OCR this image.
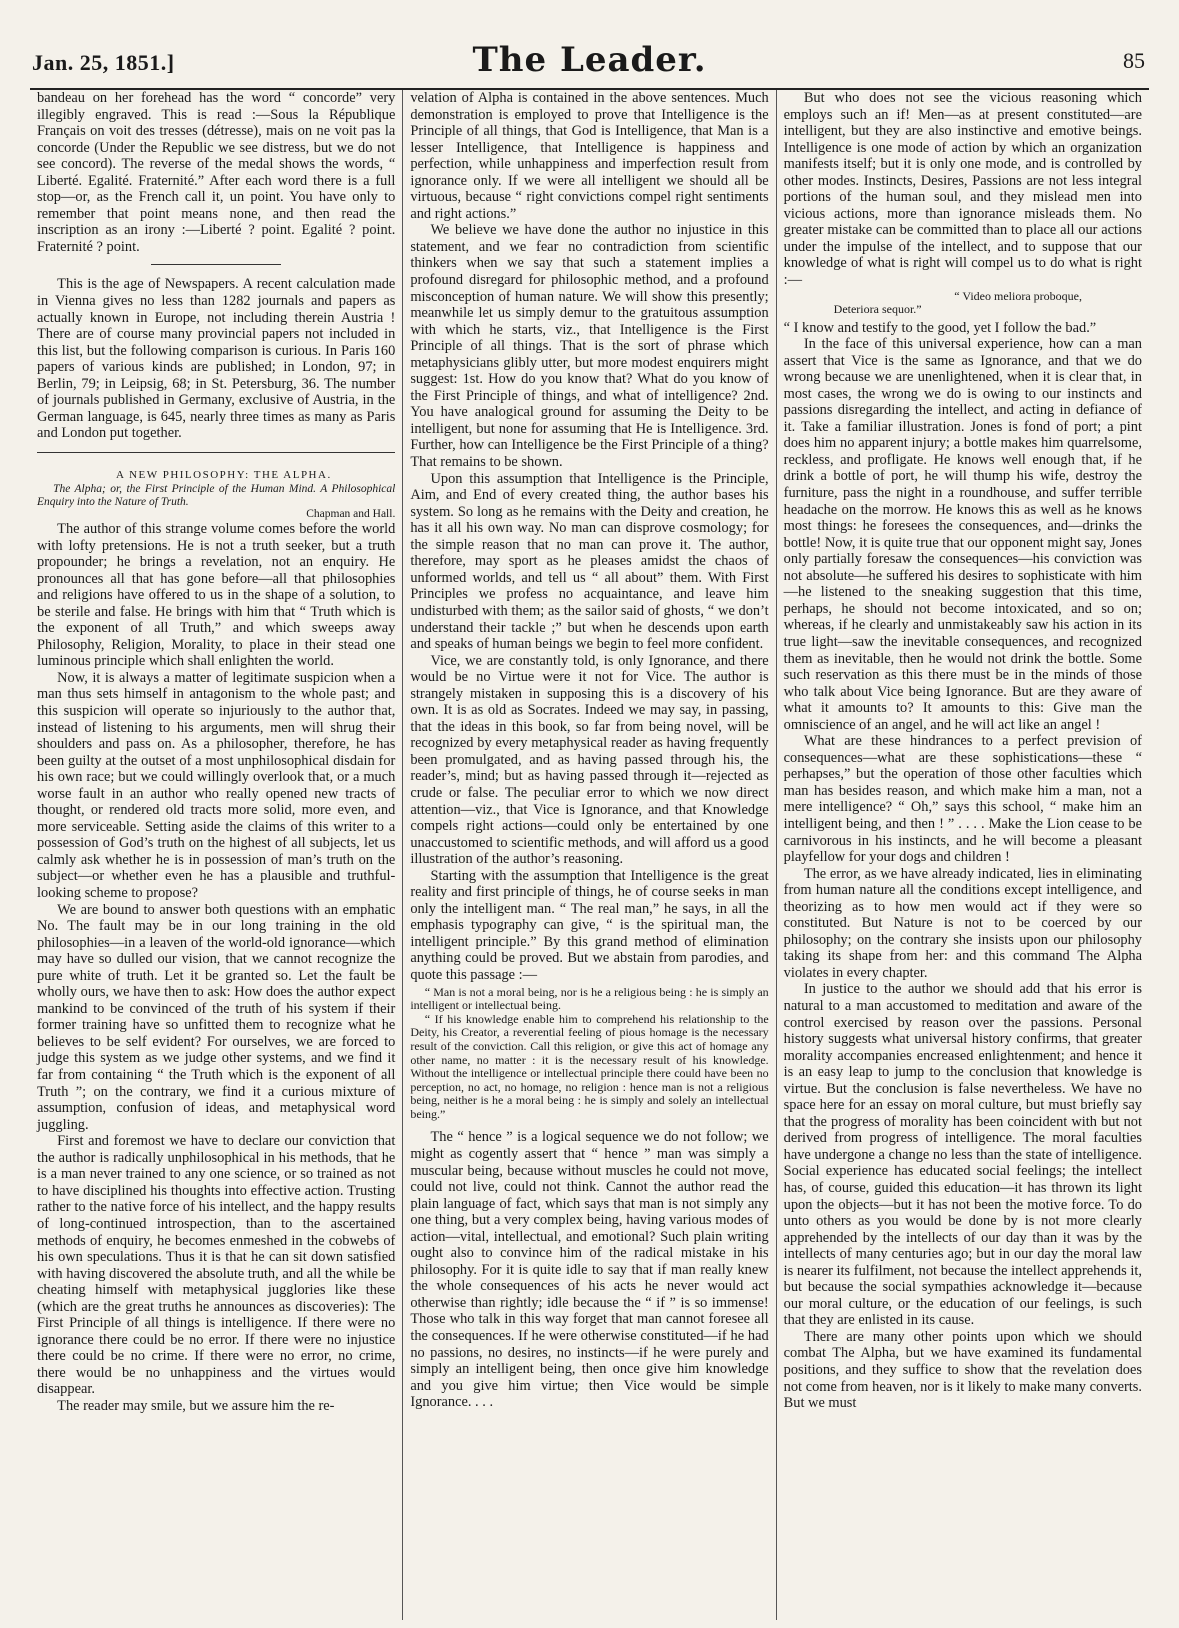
Jan. 25, 1851.]	The Leader.	85

bandeau on her forehead has the word “ concorde” very illegibly engraved. This is read :—Sous la République Français on voit des tresses (détresse), mais on ne voit pas la concorde (Under the Republic we see distress, but we do not see concord). The reverse of the medal shows the words, “ Liberté. Egalité. Fraternité.” After each word there is a full stop—or, as the French call it, un point. You have only to remember that point means none, and then read the inscription as an irony :—Liberté ? point. Egalité ? point. Fraternité ? point.

This is the age of Newspapers. A recent calculation made in Vienna gives no less than 1282 journals and papers as actually known in Europe, not including therein Austria ! There are of course many provincial papers not included in this list, but the following comparison is curious. In Paris 160 papers of various kinds are published; in London, 97; in Berlin, 79; in Leipsig, 68; in St. Petersburg, 36. The number of journals published in Germany, exclusive of Austria, in the German language, is 645, nearly three times as many as Paris and London put together.

A NEW PHILOSOPHY: THE ALPHA.

The Alpha; or, the First Principle of the Human Mind. A Philosophical Enquiry into the Nature of Truth.
Chapman and Hall.

The author of this strange volume comes before the world with lofty pretensions. He is not a truth seeker, but a truth propounder; he brings a revelation, not an enquiry. He pronounces all that has gone before—all that philosophies and religions have offered to us in the shape of a solution, to be sterile and false. He brings with him that “ Truth which is the exponent of all Truth,” and which sweeps away Philosophy, Religion, Morality, to place in their stead one luminous principle which shall enlighten the world.

Now, it is always a matter of legitimate suspicion when a man thus sets himself in antagonism to the whole past; and this suspicion will operate so injuriously to the author that, instead of listening to his arguments, men will shrug their shoulders and pass on. As a philosopher, therefore, he has been guilty at the outset of a most unphilosophical disdain for his own race; but we could willingly overlook that, or a much worse fault in an author who really opened new tracts of thought, or rendered old tracts more solid, more even, and more serviceable. Setting aside the claims of this writer to a possession of God’s truth on the highest of all subjects, let us calmly ask whether he is in possession of man’s truth on the subject—or whether even he has a plausible and truthful-looking scheme to propose?

We are bound to answer both questions with an emphatic No. The fault may be in our long training in the old philosophies—in a leaven of the world-old ignorance—which may have so dulled our vision, that we cannot recognize the pure white of truth. Let it be granted so. Let the fault be wholly ours, we have then to ask: How does the author expect mankind to be convinced of the truth of his system if their former training have so unfitted them to recognize what he believes to be self evident? For ourselves, we are forced to judge this system as we judge other systems, and we find it far from containing “ the Truth which is the exponent of all Truth ”; on the contrary, we find it a curious mixture of assumption, confusion of ideas, and metaphysical word juggling.

First and foremost we have to declare our conviction that the author is radically unphilosophical in his methods, that he is a man never trained to any one science, or so trained as not to have disciplined his thoughts into effective action. Trusting rather to the native force of his intellect, and the happy results of long-continued introspection, than to the ascertained methods of enquiry, he becomes enmeshed in the cobwebs of his own speculations. Thus it is that he can sit down satisfied with having discovered the absolute truth, and all the while be cheating himself with metaphysical jugglories like these (which are the great truths he announces as discoveries): The First Principle of all things is intelligence. If there were no ignorance there could be no error. If there were no injustice there could be no crime. If there were no error, no crime, there would be no unhappiness and the virtues would disappear.

The reader may smile, but we assure him the re-

velation of Alpha is contained in the above sentences. Much demonstration is employed to prove that Intelligence is the Principle of all things, that God is Intelligence, that Man is a lesser Intelligence, that Intelligence is happiness and perfection, while unhappiness and imperfection result from ignorance only. If we were all intelligent we should all be virtuous, because “ right convictions compel right sentiments and right actions.”

We believe we have done the author no injustice in this statement, and we fear no contradiction from scientific thinkers when we say that such a statement implies a profound disregard for philosophic method, and a profound misconception of human nature. We will show this presently; meanwhile let us simply demur to the gratuitous assumption with which he starts, viz., that Intelligence is the First Principle of all things. That is the sort of phrase which metaphysicians glibly utter, but more modest enquirers might suggest: 1st. How do you know that? What do you know of the First Principle of things, and what of intelligence? 2nd. You have analogical ground for assuming the Deity to be intelligent, but none for assuming that He is Intelligence. 3rd. Further, how can Intelligence be the First Principle of a thing? That remains to be shown.

Upon this assumption that Intelligence is the Principle, Aim, and End of every created thing, the author bases his system. So long as he remains with the Deity and creation, he has it all his own way. No man can disprove cosmology; for the simple reason that no man can prove it. The author, therefore, may sport as he pleases amidst the chaos of unformed worlds, and tell us “ all about” them. With First Principles we profess no acquaintance, and leave him undisturbed with them; as the sailor said of ghosts, “ we don’t understand their tackle ;” but when he descends upon earth and speaks of human beings we begin to feel more confident.

Vice, we are constantly told, is only Ignorance, and there would be no Virtue were it not for Vice. The author is strangely mistaken in supposing this is a discovery of his own. It is as old as Socrates. Indeed we may say, in passing, that the ideas in this book, so far from being novel, will be recognized by every metaphysical reader as having frequently been promulgated, and as having passed through his, the reader’s, mind; but as having passed through it—rejected as crude or false. The peculiar error to which we now direct attention—viz., that Vice is Ignorance, and that Knowledge compels right actions—could only be entertained by one unaccustomed to scientific methods, and will afford us a good illustration of the author’s reasoning.

Starting with the assumption that Intelligence is the great reality and first principle of things, he of course seeks in man only the intelligent man. “ The real man,” he says, in all the emphasis typography can give, “ is the spiritual man, the intelligent principle.” By this grand method of elimination anything could be proved. But we abstain from parodies, and quote this passage :—

“ Man is not a moral being, nor is he a religious being : he is simply an intelligent or intellectual being.

“ If his knowledge enable him to comprehend his relationship to the Deity, his Creator, a reverential feeling of pious homage is the necessary result of the conviction. Call this religion, or give this act of homage any other name, no matter : it is the necessary result of his knowledge. Without the intelligence or intellectual principle there could have been no perception, no act, no homage, no religion : hence man is not a religious being, neither is he a moral being : he is simply and solely an intellectual being.”

The “ hence ” is a logical sequence we do not follow; we might as cogently assert that “ hence ” man was simply a muscular being, because without muscles he could not move, could not live, could not think. Cannot the author read the plain language of fact, which says that man is not simply any one thing, but a very complex being, having various modes of action—vital, intellectual, and emotional? Such plain writing ought also to convince him of the radical mistake in his philosophy. For it is quite idle to say that if man really knew the whole consequences of his acts he never would act otherwise than rightly; idle because the “ if ” is so immense! Those who talk in this way forget that man cannot foresee all the consequences. If he were otherwise constituted—if he had no passions, no desires, no instincts—if he were purely and simply an intelligent being, then once give him knowledge and you give him virtue; then Vice would be simple Ignorance. . . .

But who does not see the vicious reasoning which employs such an if! Men—as at present constituted—are intelligent, but they are also instinctive and emotive beings. Intelligence is one mode of action by which an organization manifests itself; but it is only one mode, and is controlled by other modes. Instincts, Desires, Passions are not less integral portions of the human soul, and they mislead men into vicious actions, more than ignorance misleads them. No greater mistake can be committed than to place all our actions under the impulse of the intellect, and to suppose that our knowledge of what is right will compel us to do what is right :—

“ Video meliora proboque,
Deteriora sequor.”

“ I know and testify to the good, yet I follow the bad.”

In the face of this universal experience, how can a man assert that Vice is the same as Ignorance, and that we do wrong because we are unenlightened, when it is clear that, in most cases, the wrong we do is owing to our instincts and passions disregarding the intellect, and acting in defiance of it. Take a familiar illustration. Jones is fond of port; a pint does him no apparent injury; a bottle makes him quarrelsome, reckless, and profligate. He knows well enough that, if he drink a bottle of port, he will thump his wife, destroy the furniture, pass the night in a roundhouse, and suffer terrible headache on the morrow. He knows this as well as he knows most things: he foresees the consequences, and—drinks the bottle! Now, it is quite true that our opponent might say, Jones only partially foresaw the consequences—his conviction was not absolute—he suffered his desires to sophisticate with him—he listened to the sneaking suggestion that this time, perhaps, he should not become intoxicated, and so on; whereas, if he clearly and unmistakeably saw his action in its true light—saw the inevitable consequences, and recognized them as inevitable, then he would not drink the bottle. Some such reservation as this there must be in the minds of those who talk about Vice being Ignorance. But are they aware of what it amounts to? It amounts to this: Give man the omniscience of an angel, and he will act like an angel !

What are these hindrances to a perfect prevision of consequences—what are these sophistications—these “ perhapses,” but the operation of those other faculties which man has besides reason, and which make him a man, not a mere intelligence? “ Oh,” says this school, “ make him an intelligent being, and then ! ” . . . . Make the Lion cease to be carnivorous in his instincts, and he will become a pleasant playfellow for your dogs and children !

The error, as we have already indicated, lies in eliminating from human nature all the conditions except intelligence, and theorizing as to how men would act if they were so constituted. But Nature is not to be coerced by our philosophy; on the contrary she insists upon our philosophy taking its shape from her: and this command The Alpha violates in every chapter.

In justice to the author we should add that his error is natural to a man accustomed to meditation and aware of the control exercised by reason over the passions. Personal history suggests what universal history confirms, that greater morality accompanies encreased enlightenment; and hence it is an easy leap to jump to the conclusion that knowledge is virtue. But the conclusion is false nevertheless. We have no space here for an essay on moral culture, but must briefly say that the progress of morality has been coincident with but not derived from progress of intelligence. The moral faculties have undergone a change no less than the state of intelligence. Social experience has educated social feelings; the intellect has, of course, guided this education—it has thrown its light upon the objects—but it has not been the motive force. To do unto others as you would be done by is not more clearly apprehended by the intellects of our day than it was by the intellects of many centuries ago; but in our day the moral law is nearer its fulfilment, not because the intellect apprehends it, but because the social sympathies acknowledge it—because our moral culture, or the education of our feelings, is such that they are enlisted in its cause.

There are many other points upon which we should combat The Alpha, but we have examined its fundamental positions, and they suffice to show that the revelation does not come from heaven, nor is it likely to make many converts. But we must
